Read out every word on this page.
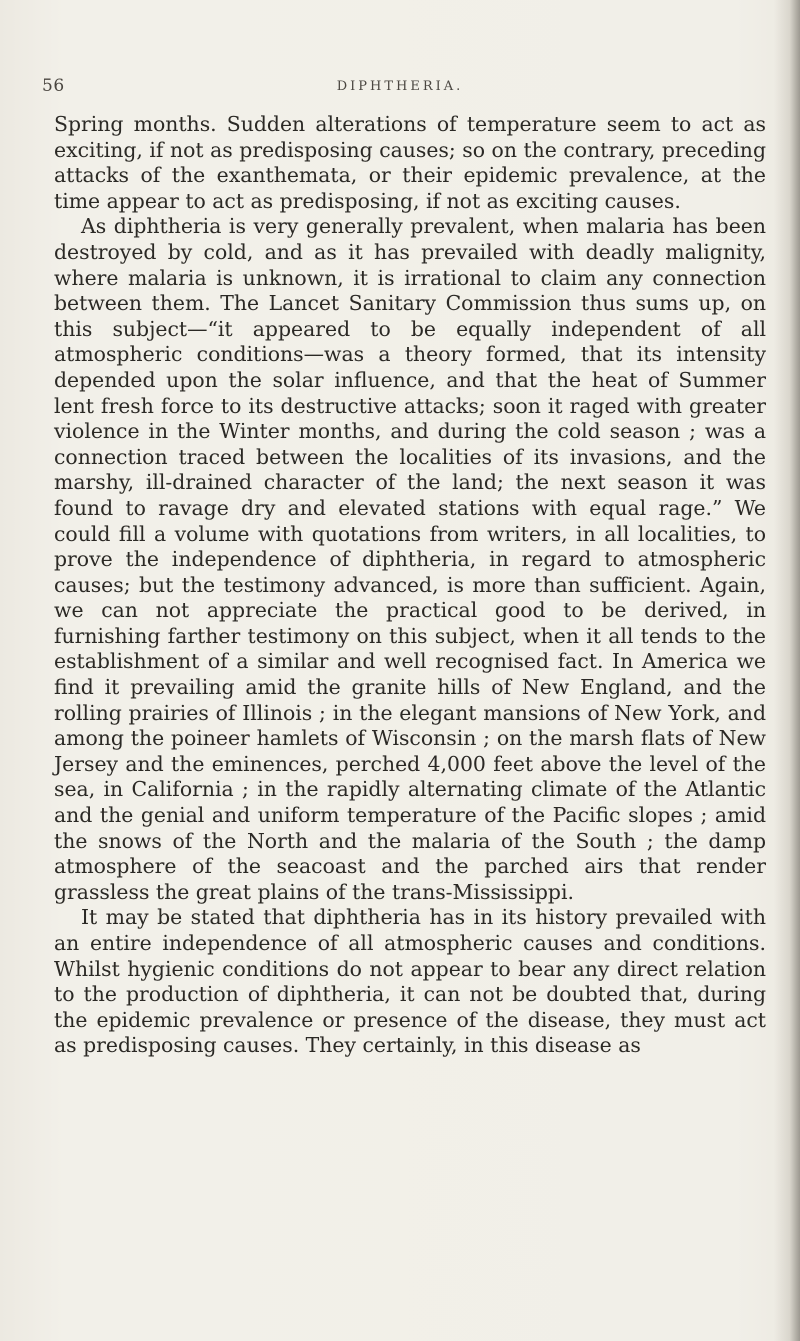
56	DIPHTHERIA.

Spring months. Sudden alterations of temperature seem to act as exciting, if not as predisposing causes; so on the contrary, preceding attacks of the exanthemata, or their epidemic prevalence, at the time appear to act as predisposing, if not as exciting causes.

As diphtheria is very generally prevalent, when malaria has been destroyed by cold, and as it has prevailed with deadly malignity, where malaria is unknown, it is irrational to claim any connection between them. The Lancet Sanitary Commission thus sums up, on this subject—“it appeared to be equally independent of all atmospheric conditions—was a theory formed, that its intensity depended upon the solar influence, and that the heat of Summer lent fresh force to its destructive attacks; soon it raged with greater violence in the Winter months, and during the cold season ; was a connection traced between the localities of its invasions, and the marshy, ill-drained character of the land; the next season it was found to ravage dry and elevated stations with equal rage.” We could fill a volume with quotations from writers, in all localities, to prove the independence of diphtheria, in regard to atmospheric causes; but the testimony advanced, is more than sufficient. Again, we can not appreciate the practical good to be derived, in furnishing farther testimony on this subject, when it all tends to the establishment of a similar and well recognised fact. In America we find it prevailing amid the granite hills of New England, and the rolling prairies of Illinois ; in the elegant mansions of New York, and among the poineer hamlets of Wisconsin ; on the marsh flats of New Jersey and the eminences, perched 4,000 feet above the level of the sea, in California ; in the rapidly alternating climate of the Atlantic and the genial and uniform temperature of the Pacific slopes ; amid the snows of the North and the malaria of the South ; the damp atmosphere of the seacoast and the parched airs that render grassless the great plains of the trans-Mississippi.

It may be stated that diphtheria has in its history prevailed with an entire independence of all atmospheric causes and conditions. Whilst hygienic conditions do not appear to bear any direct relation to the production of diphtheria, it can not be doubted that, during the epidemic prevalence or presence of the disease, they must act as predisposing causes. They certainly, in this disease as
